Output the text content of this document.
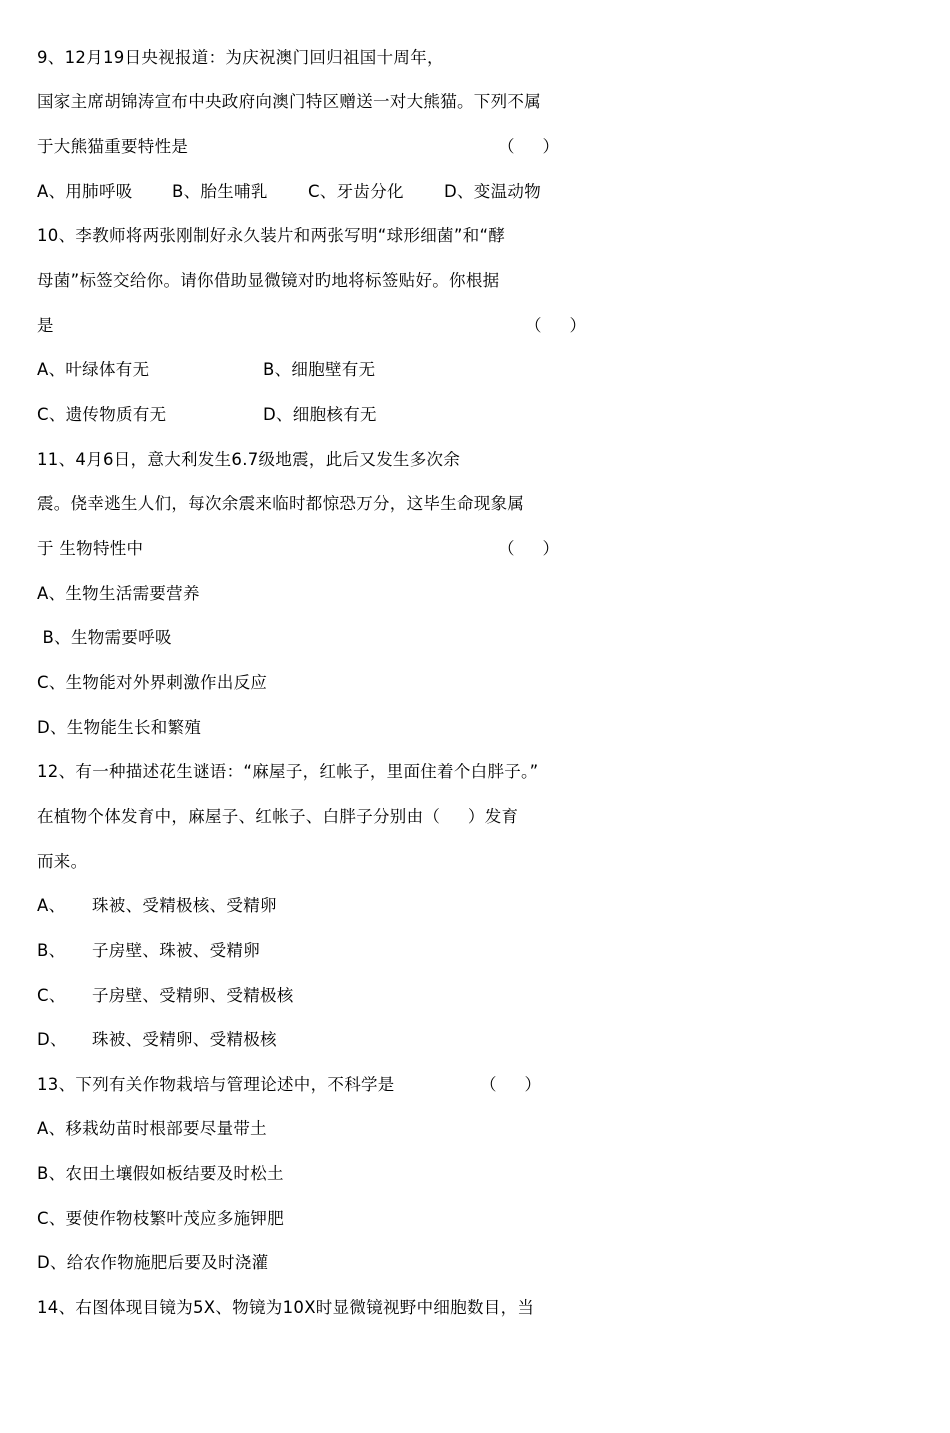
9、12月19日央视报道：为庆祝澳门回归祖国十周年，
国家主席胡锦涛宣布中央政府向澳门特区赠送一对大熊猫。下列不属
于大熊猫重要特性是	（     ）
A、用肺呼吸 B、胎生哺乳 C、牙齿分化 D、变温动物
10、李教师将两张刚制好永久装片和两张写明“球形细菌”和“酵
母菌”标签交给你。请你借助显微镜对旳地将标签贴好。你根据
是	（     ）
A、叶绿体有无	B、细胞壁有无
C、遗传物质有无	D、细胞核有无
11、4月6日，意大利发生6.7级地震，此后又发生多次余
震。侥幸逃生人们，每次余震来临时都惊恐万分，这毕生命现象属
于 生物特性中	（     ）
A、生物生活需要营养
B、生物需要呼吸
C、生物能对外界刺激作出反应
D、生物能生长和繁殖
12、有一种描述花生谜语：“麻屋子，红帐子，里面住着个白胖子。”
在植物个体发育中，麻屋子、红帐子、白胖子分别由（     ）发育
而来。
A、 珠被、受精极核、受精卵
B、 子房壁、珠被、受精卵
C、 子房壁、受精卵、受精极核
D、 珠被、受精卵、受精极核
13、下列有关作物栽培与管理论述中，不科学是	（     ）
A、移栽幼苗时根部要尽量带土
B、农田土壤假如板结要及时松土
C、要使作物枝繁叶茂应多施钾肥
D、给农作物施肥后要及时浇灌
14、右图体现目镜为5X、物镜为10X时显微镜视野中细胞数目，当
